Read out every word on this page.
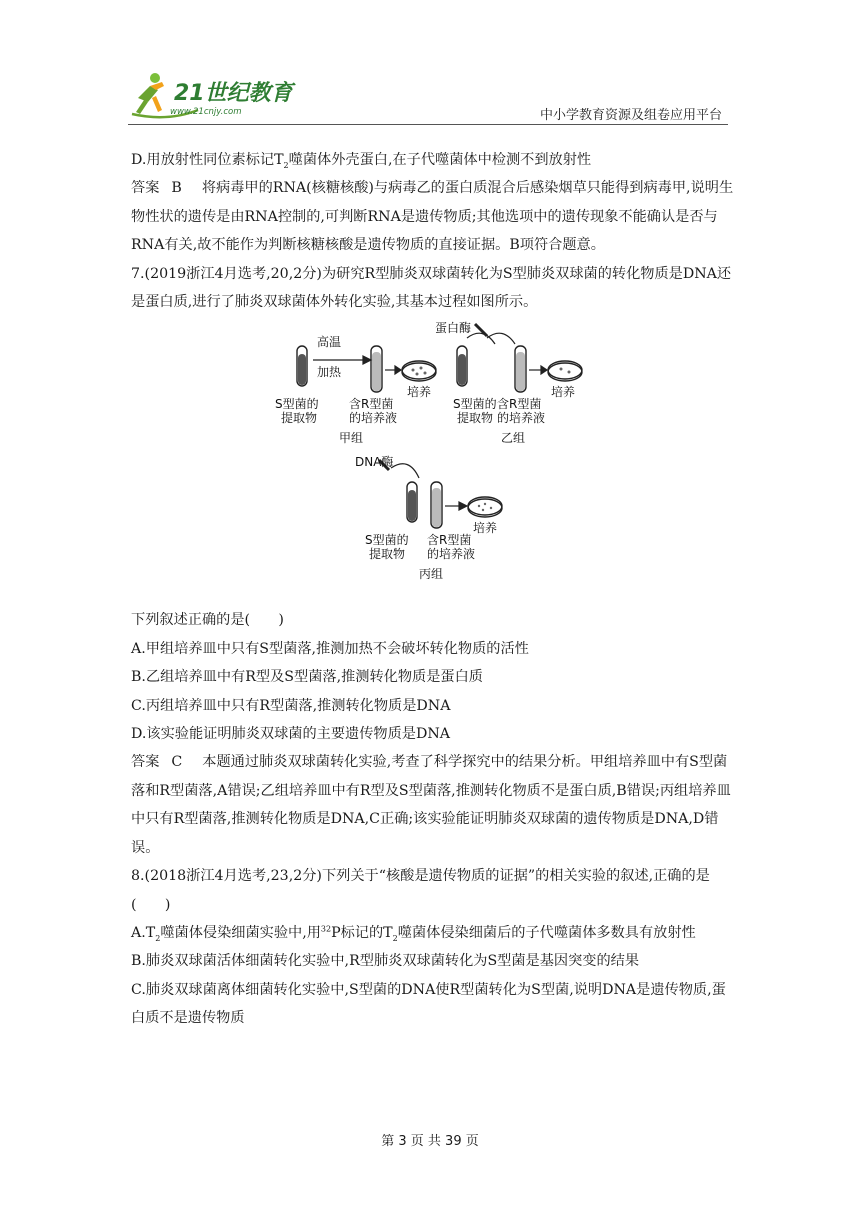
21世纪教育
www.21cnjy.com	中小学教育资源及组卷应用平台

D.用放射性同位素标记$T_2$噬菌体外壳蛋白,在子代噬菌体中检测不到放射性

答案 B 将病毒甲的RNA(核糖核酸)与病毒乙的蛋白质混合后感染烟草只能得到病毒甲,说明生物性状的遗传是由RNA控制的,可判断RNA是遗传物质;其他选项中的遗传现象不能确认是否与RNA有关,故不能作为判断核糖核酸是遗传物质的直接证据。B项符合题意。

7.(2019浙江4月选考,20,2分)为研究R型肺炎双球菌转化为S型肺炎双球菌的转化物质是DNA还是蛋白质,进行了肺炎双球菌体外转化实验,其基本过程如图所示。

高温
加热
S型菌的
提取物
含R型菌
的培养液
培养
甲组
蛋白酶
S型菌的
提取物
含R型菌
的培养液
培养
乙组
DNA酶
S型菌的
提取物
含R型菌
的培养液
培养
丙组

下列叙述正确的是(　　)

A.甲组培养皿中只有S型菌落,推测加热不会破坏转化物质的活性

B.乙组培养皿中有R型及S型菌落,推测转化物质是蛋白质

C.丙组培养皿中只有R型菌落,推测转化物质是DNA

D.该实验能证明肺炎双球菌的主要遗传物质是DNA

答案 C 本题通过肺炎双球菌转化实验,考查了科学探究中的结果分析。甲组培养皿中有S型菌落和R型菌落,A错误;乙组培养皿中有R型及S型菌落,推测转化物质不是蛋白质,B错误;丙组培养皿中只有R型菌落,推测转化物质是DNA,C正确;该实验能证明肺炎双球菌的遗传物质是DNA,D错误。

8.(2018浙江4月选考,23,2分)下列关于“核酸是遗传物质的证据”的相关实验的叙述,正确的是(　　)

$A.T_2$噬菌体侵染细菌实验中,用$^{32}$P标记的$T_2$噬菌体侵染细菌后的子代噬菌体多数具有放射性

B.肺炎双球菌活体细菌转化实验中,R型肺炎双球菌转化为S型菌是基因突变的结果

C.肺炎双球菌离体细菌转化实验中,S型菌的DNA使R型菌转化为S型菌,说明DNA是遗传物质,蛋白质不是遗传物质

第 3 页 共 39 页
